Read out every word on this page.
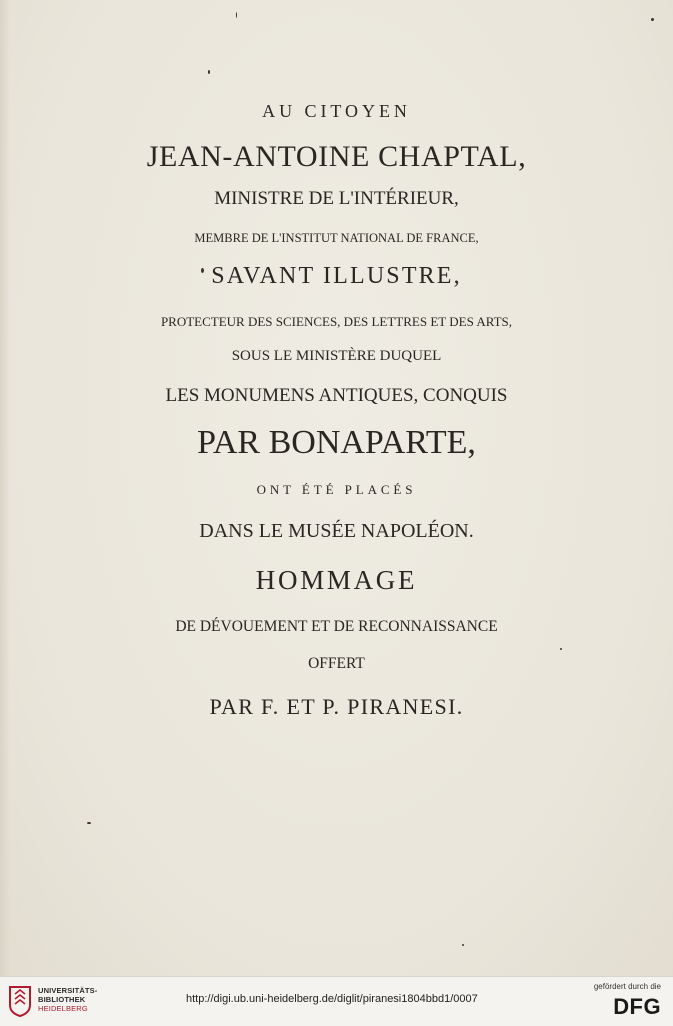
AU CITOYEN
JEAN-ANTOINE CHAPTAL,
MINISTRE DE L'INTÉRIEUR,
MEMBRE DE L'INSTITUT NATIONAL DE FRANCE,
SAVANT ILLUSTRE,
PROTECTEUR DES SCIENCES, DES LETTRES ET DES ARTS,
SOUS LE MINISTÈRE DUQUEL
LES MONUMENS ANTIQUES, CONQUIS
PAR BONAPARTE,
ONT ÉTÉ PLACÉS
DANS LE MUSÉE NAPOLÉON.
HOMMAGE
DE DÉVOUEMENT ET DE RECONNAISSANCE
OFFERT
PAR F. ET P. PIRANESI.
UNIVERSITÄTS-
BIBLIOTHEK
HEIDELBERG
http://digi.ub.uni-heidelberg.de/diglit/piranesi1804bbd1/0007
gefördert durch die
DFG
